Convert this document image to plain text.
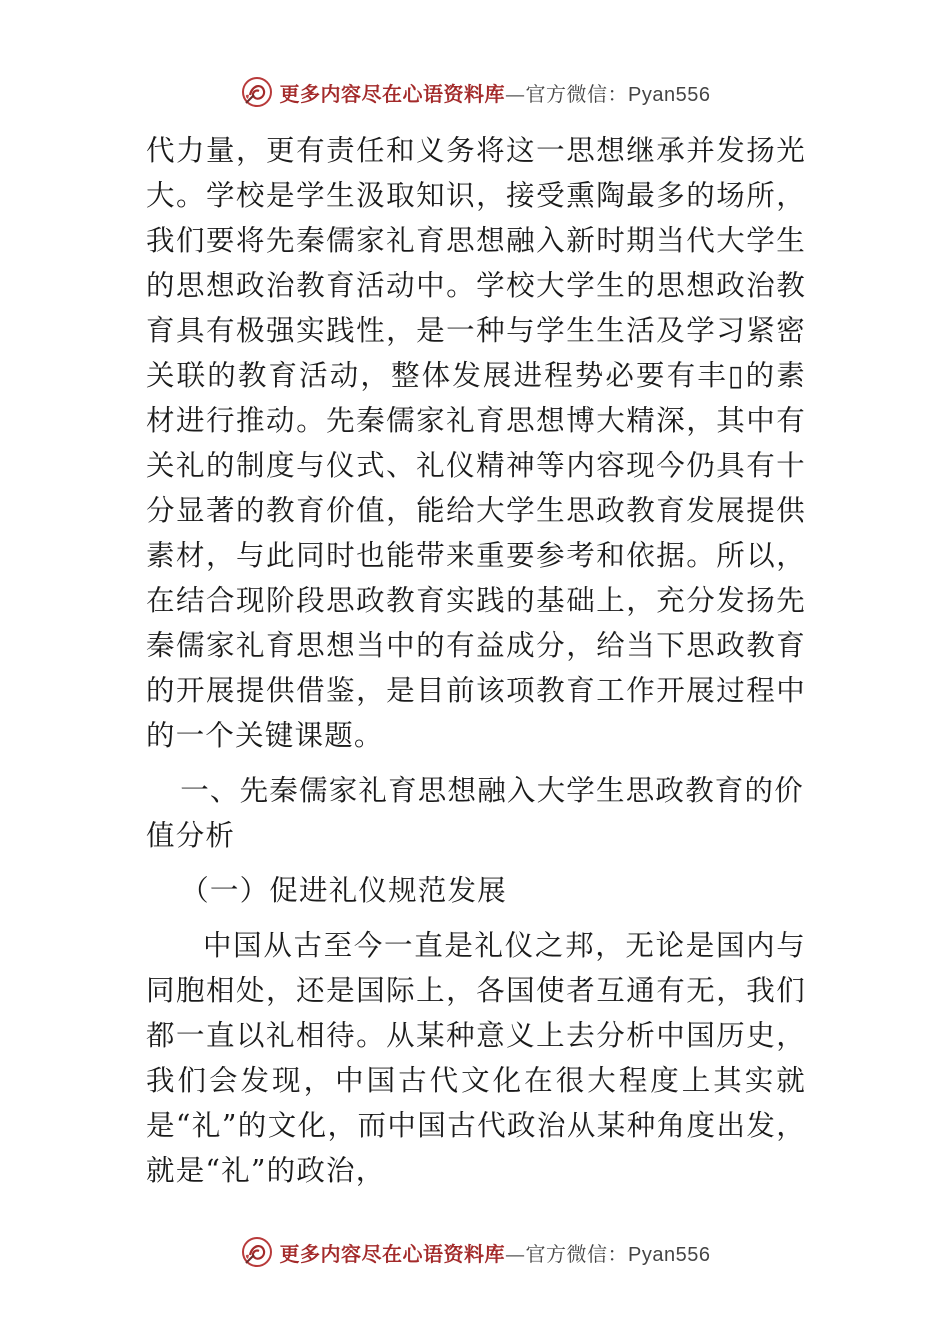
更多内容尽在心语资料库—官方微信：Pyan556

代力量，更有责任和义务将这一思想继承并发扬光大。学校是学生汲取知识，接受熏陶最多的场所，我们要将先秦儒家礼育思想融入新时期当代大学生的思想政治教育活动中。学校大学生的思想政治教育具有极强实践性，是一种与学生生活及学习紧密关联的教育活动，整体发展进程势必要有丰▯的素材进行推动。先秦儒家礼育思想博大精深，其中有关礼的制度与仪式、礼仪精神等内容现今仍具有十分显著的教育价值，能给大学生思政教育发展提供素材，与此同时也能带来重要参考和依据。所以，在结合现阶段思政教育实践的基础上，充分发扬先秦儒家礼育思想当中的有益成分，给当下思政教育的开展提供借鉴，是目前该项教育工作开展过程中的一个关键课题。

一、先秦儒家礼育思想融入大学生思政教育的价值分析

（一）促进礼仪规范发展

中国从古至今一直是礼仪之邦，无论是国内与同胞相处，还是国际上，各国使者互通有无，我们都一直以礼相待。从某种意义上去分析中国历史，我们会发现，中国古代文化在很大程度上其实就是“礼”的文化，而中国古代政治从某种角度出发，就是“礼”的政治，

更多内容尽在心语资料库—官方微信：Pyan556
